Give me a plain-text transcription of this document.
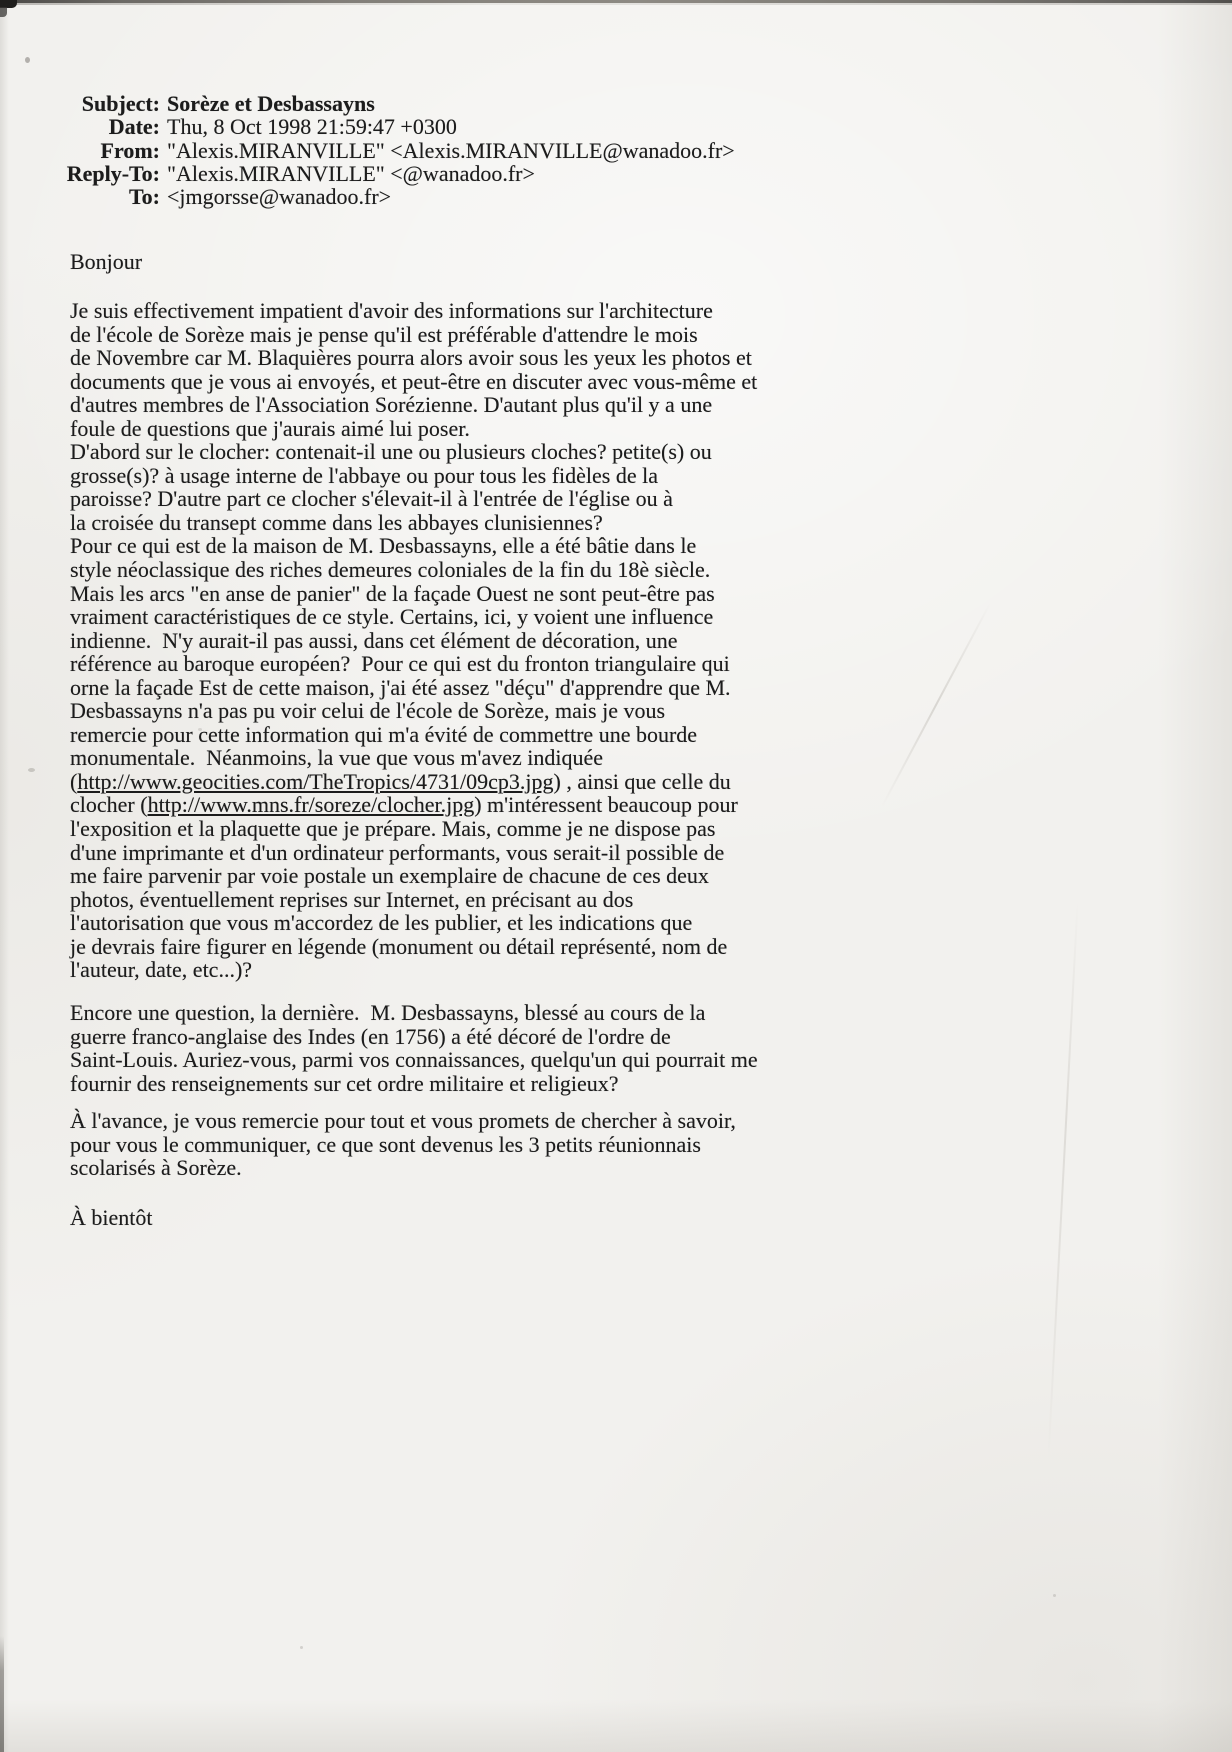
Subject: Sorèze et Desbassayns
Date: Thu, 8 Oct 1998 21:59:47 +0300
From: "Alexis.MIRANVILLE" <Alexis.MIRANVILLE@wanadoo.fr>
Reply-To: "Alexis.MIRANVILLE" <@wanadoo.fr>
To: <jmgorsse@wanadoo.fr>
Bonjour
Je suis effectivement impatient d'avoir des informations sur l'architecture
de l'école de Sorèze mais je pense qu'il est préférable d'attendre le mois
de Novembre car M. Blaquières pourra alors avoir sous les yeux les photos et
documents que je vous ai envoyés, et peut-être en discuter avec vous-même et
d'autres membres de l'Association Sorézienne. D'autant plus qu'il y a une
foule de questions que j'aurais aimé lui poser.
D'abord sur le clocher: contenait-il une ou plusieurs cloches? petite(s) ou
grosse(s)? à usage interne de l'abbaye ou pour tous les fidèles de la
paroisse? D'autre part ce clocher s'élevait-il à l'entrée de l'église ou à
la croisée du transept comme dans les abbayes clunisiennes?
Pour ce qui est de la maison de M. Desbassayns, elle a été bâtie dans le
style néoclassique des riches demeures coloniales de la fin du 18è siècle.
Mais les arcs "en anse de panier" de la façade Ouest ne sont peut-être pas
vraiment caractéristiques de ce style. Certains, ici, y voient une influence
indienne.  N'y aurait-il pas aussi, dans cet élément de décoration, une
référence au baroque européen?  Pour ce qui est du fronton triangulaire qui
orne la façade Est de cette maison, j'ai été assez "déçu" d'apprendre que M.
Desbassayns n'a pas pu voir celui de l'école de Sorèze, mais je vous
remercie pour cette information qui m'a évité de commettre une bourde
monumentale.  Néanmoins, la vue que vous m'avez indiquée
(http://www.geocities.com/TheTropics/4731/09cp3.jpg) , ainsi que celle du
clocher (http://www.mns.fr/soreze/clocher.jpg) m'intéressent beaucoup pour
l'exposition et la plaquette que je prépare. Mais, comme je ne dispose pas
d'une imprimante et d'un ordinateur performants, vous serait-il possible de
me faire parvenir par voie postale un exemplaire de chacune de ces deux
photos, éventuellement reprises sur Internet, en précisant au dos
l'autorisation que vous m'accordez de les publier, et les indications que
je devrais faire figurer en légende (monument ou détail représenté, nom de
l'auteur, date, etc...)?
Encore une question, la dernière.  M. Desbassayns, blessé au cours de la
guerre franco-anglaise des Indes (en 1756) a été décoré de l'ordre de
Saint-Louis. Auriez-vous, parmi vos connaissances, quelqu'un qui pourrait me
fournir des renseignements sur cet ordre militaire et religieux?
À l'avance, je vous remercie pour tout et vous promets de chercher à savoir,
pour vous le communiquer, ce que sont devenus les 3 petits réunionnais
scolarisés à Sorèze.
À bientôt
